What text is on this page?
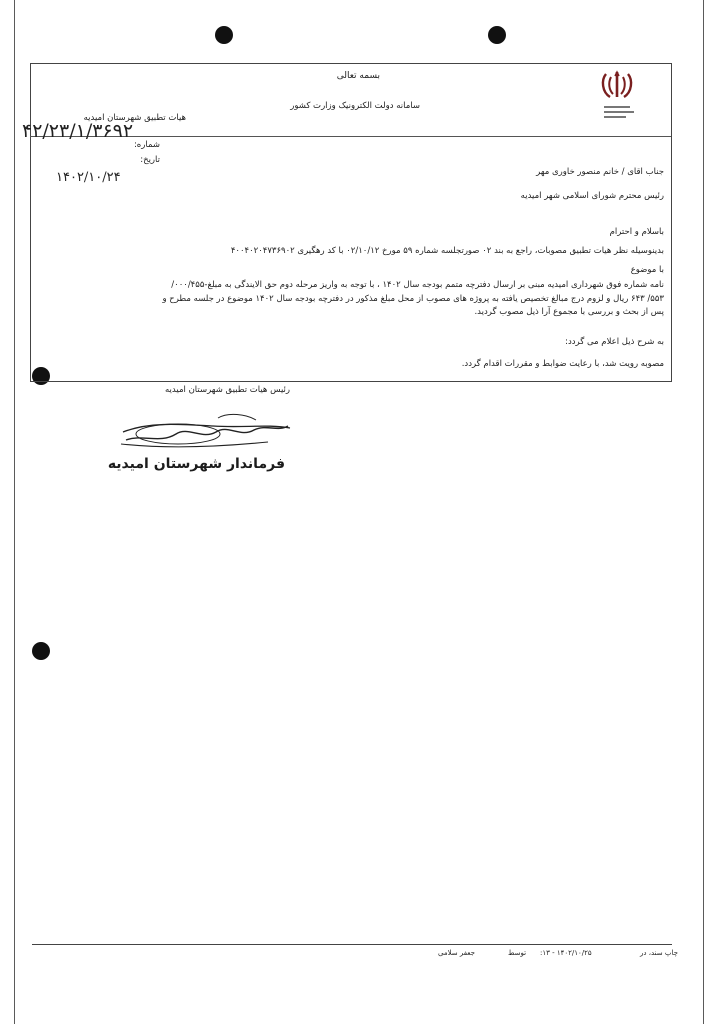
بسمه تعالی
سامانه دولت الکترونیک وزارت کشور
هیات تطبیق شهرستان امیدیه
شماره:
۴۲/۲۳/۱/۳۶۹۲
تاریخ:
۱۴۰۲/۱۰/۲۴	جناب اقای / خانم منصور خاوری مهر
رئیس محترم شورای اسلامی شهر امیدیه
باسلام و احترام
بدینوسیله نظر هیات تطبیق مصوبات، راجع به بند ۰۲ صورتجلسه شماره ۵۹ مورخ ۰۲/۱۰/۱۲ با کد رهگیری ۴۰۰۴۰۲۰۴۷۳۶۹۰۲
با موضوع
نامه شماره فوق شهرداری امیدیه مبنی بر ارسال دفترچه متمم بودجه سال ۱۴۰۲ ، با توجه به واریز مرحله دوم حق الایندگی به مبلغ-۰۰۰/۴۵۵/
۵۵۳/ ۶۴۳ ریال و لزوم درج مبالغ تخصیص یافته به پروژه های مصوب از محل مبلغ مذکور در دفترچه بودجه سال ۱۴۰۲ موضوع در جلسه مطرح و
پس از بحث و بررسی با مجموع آرا ذیل مصوب گردید.
به شرح ذیل اعلام می گردد:
مصوبه رویت شد، با رعایت ضوابط و مقررات اقدام گردد.
رئیس هیات تطبیق شهرستان امیدیه
فرماندار شهرستان امیدیه
چاپ سند، در
۱۴۰۲/۱۰/۲۵ - ۱۳:
توسط
جعفر سلامی
